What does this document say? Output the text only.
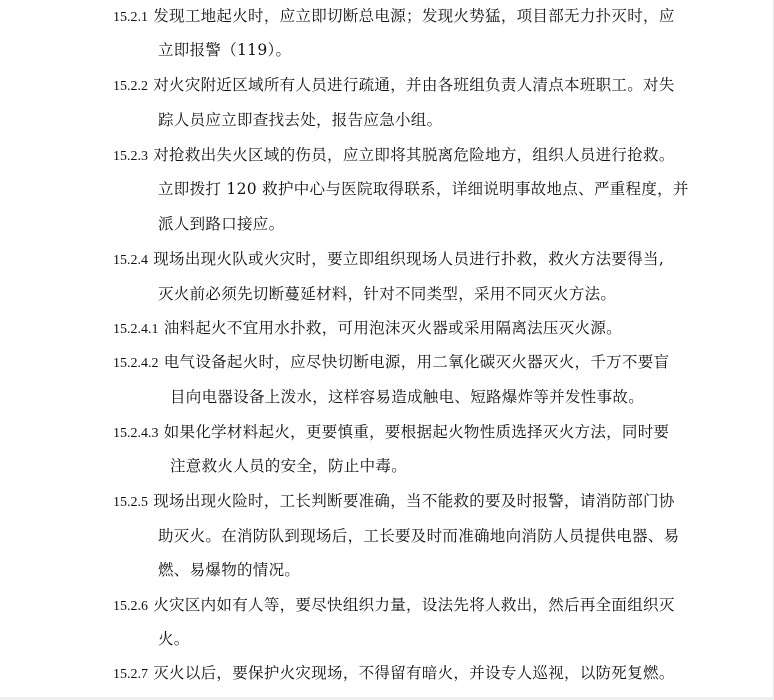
15.2.1 发现工地起火时，应立即切断总电源；发现火势猛，项目部无力扑灭时，应
立即报警（119）。
15.2.2 对火灾附近区域所有人员进行疏通，并由各班组负责人清点本班职工。对失
踪人员应立即查找去处，报告应急小组。
15.2.3 对抢救出失火区域的伤员，应立即将其脱离危险地方，组织人员进行抢救。
立即拨打 120 救护中心与医院取得联系，详细说明事故地点、严重程度，并
派人到路口接应。
15.2.4 现场出现火队或火灾时，要立即组织现场人员进行扑救，救火方法要得当,
灭火前必须先切断蔓延材料，针对不同类型，采用不同灭火方法。
15.2.4.1 油料起火不宜用水扑救，可用泡沫灭火器或采用隔离法压灭火源。
15.2.4.2 电气设备起火时，应尽快切断电源，用二氧化碳灭火器灭火，千万不要盲
目向电器设备上泼水，这样容易造成触电、短路爆炸等并发性事故。
15.2.4.3 如果化学材料起火，更要慎重，要根据起火物性质选择灭火方法，同时要
注意救火人员的安全，防止中毒。
15.2.5 现场出现火险时，工长判断要准确，当不能救的要及时报警，请消防部门协
助灭火。在消防队到现场后，工长要及时而准确地向消防人员提供电器、易
燃、易爆物的情况。
15.2.6 火灾区内如有人等，要尽快组织力量，设法先将人救出，然后再全面组织灭
火。
15.2.7 灭火以后，要保护火灾现场，不得留有暗火，并设专人巡视，以防死复燃。
